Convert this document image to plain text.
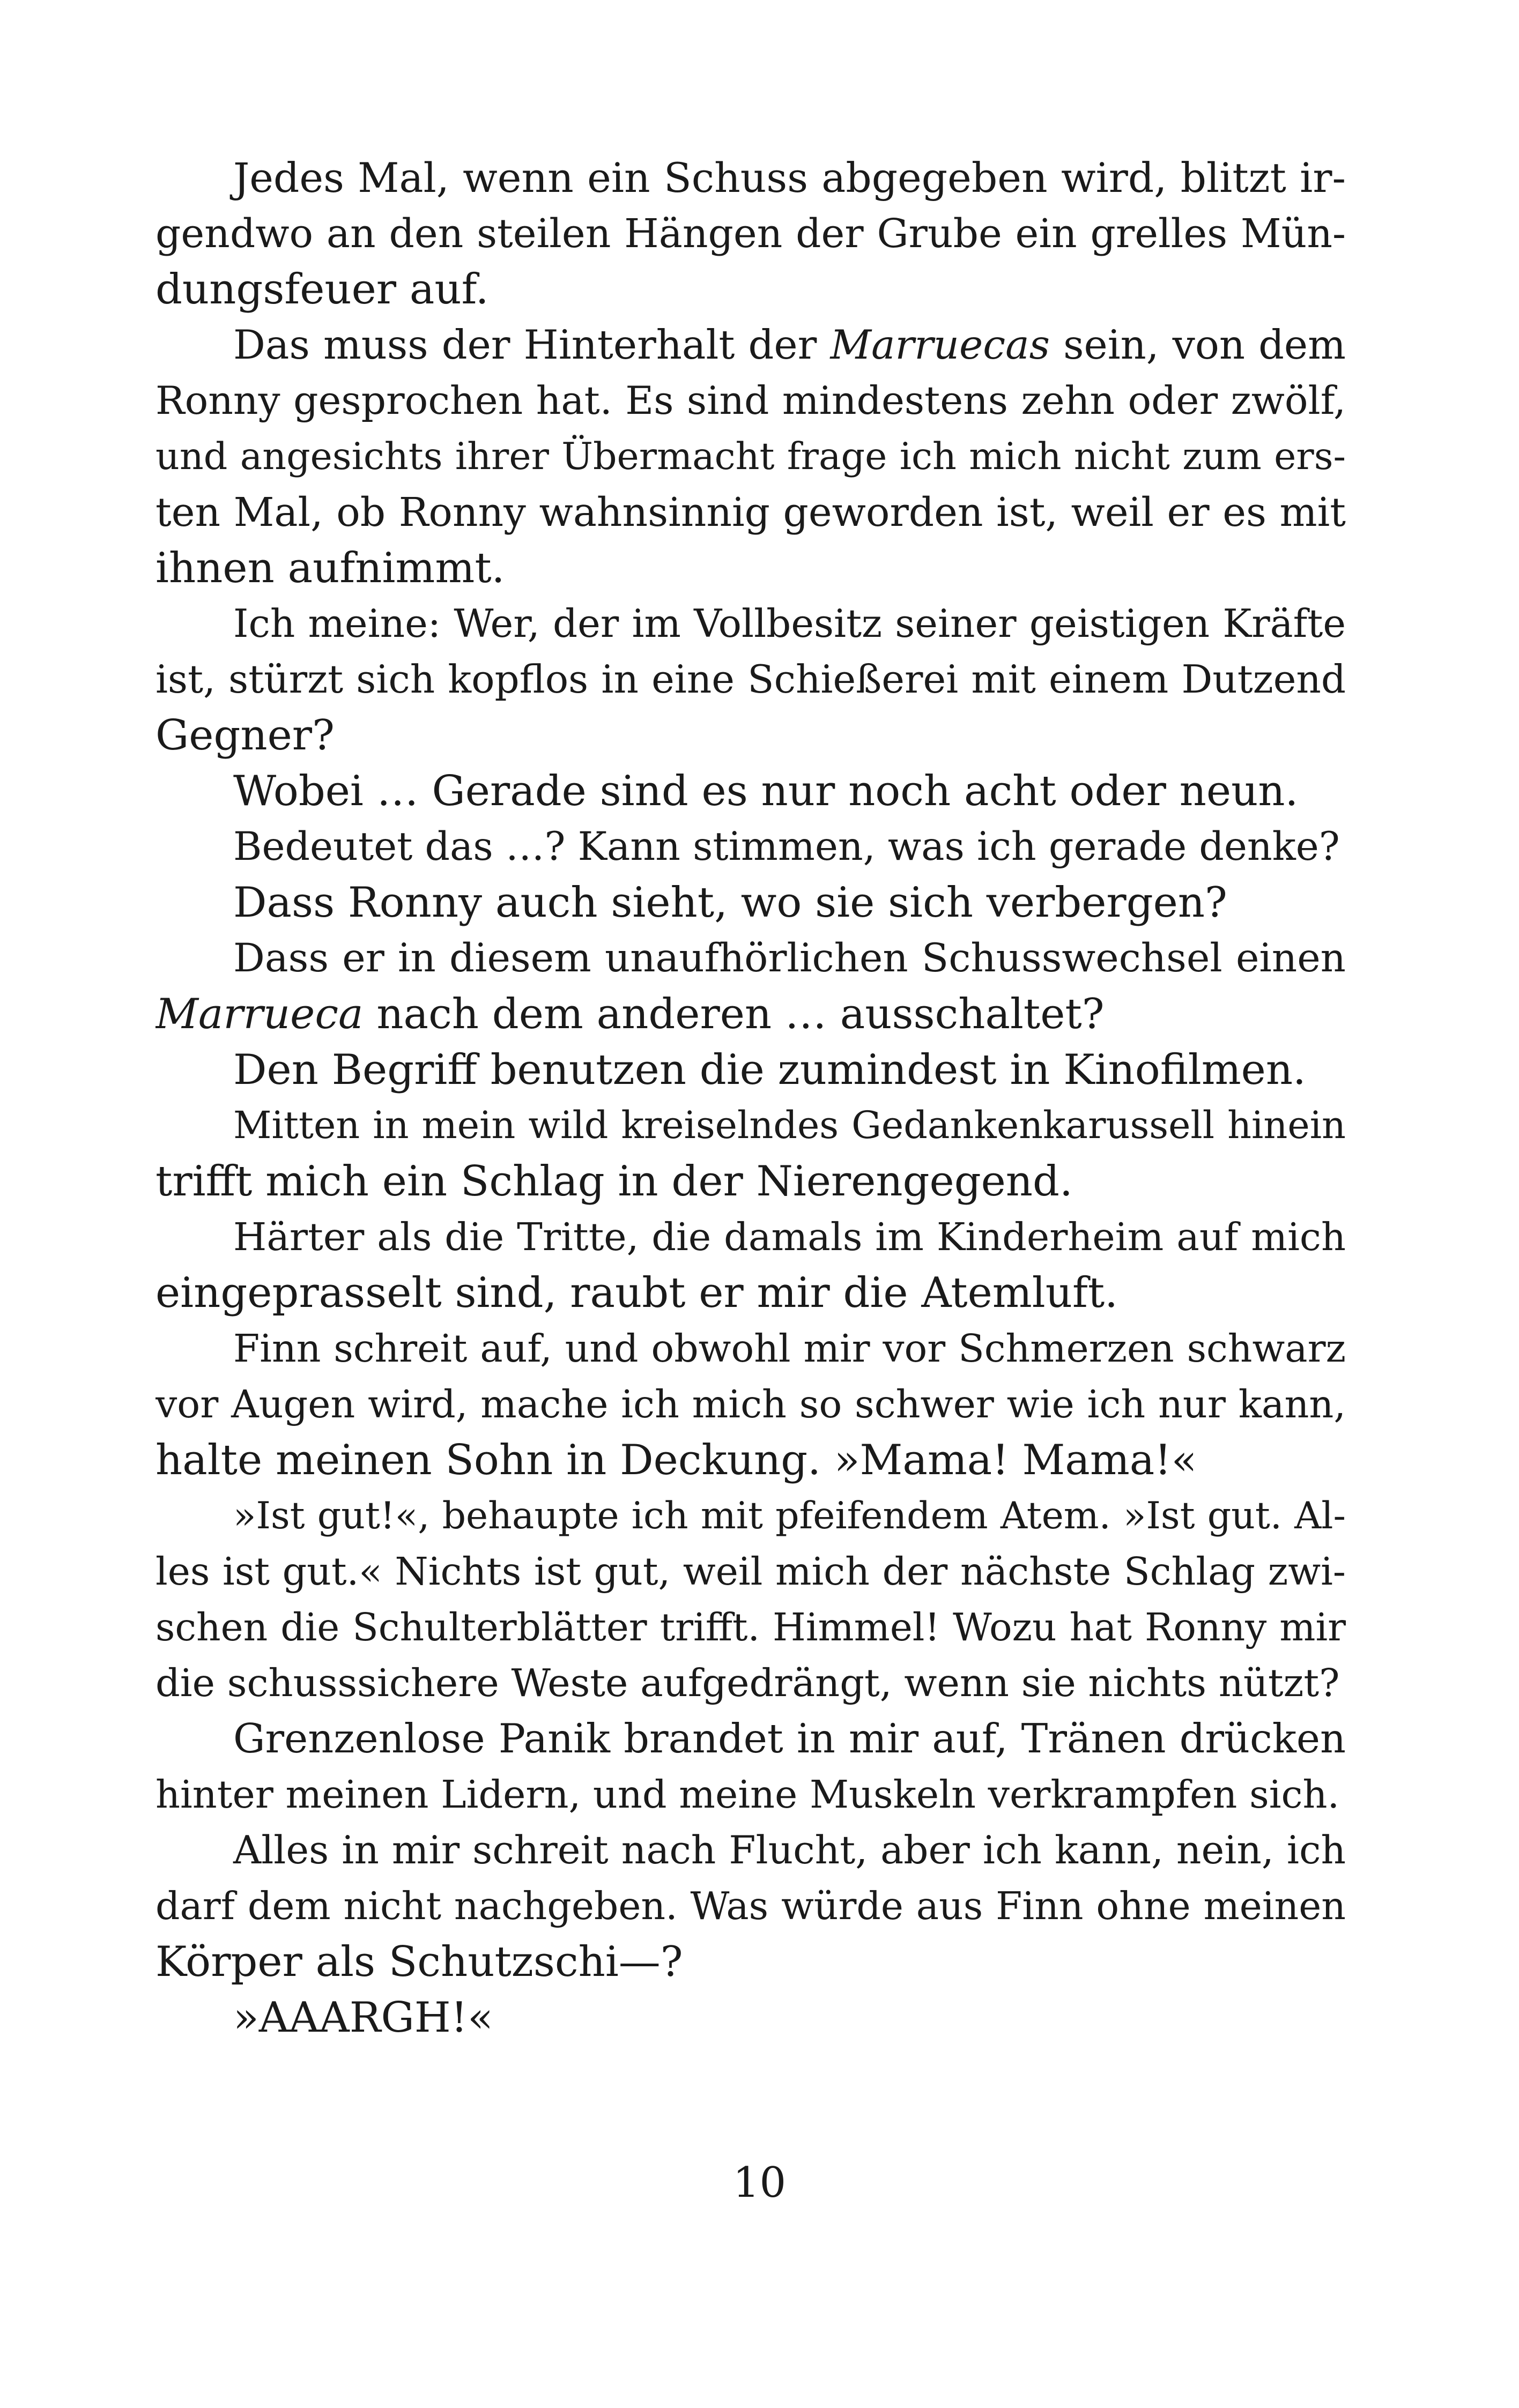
Jedes Mal, wenn ein Schuss abgegeben wird, blitzt ir-
gendwo an den steilen Hängen der Grube ein grelles Mün-
dungsfeuer auf.
Das muss der Hinterhalt der Marruecas sein, von dem
Ronny gesprochen hat. Es sind mindestens zehn oder zwölf,
und angesichts ihrer Übermacht frage ich mich nicht zum ers-
ten Mal, ob Ronny wahnsinnig geworden ist, weil er es mit
ihnen aufnimmt.
Ich meine: Wer, der im Vollbesitz seiner geistigen Kräfte
ist, stürzt sich kopflos in eine Schießerei mit einem Dutzend
Gegner?
Wobei … Gerade sind es nur noch acht oder neun.
Bedeutet das …? Kann stimmen, was ich gerade denke?
Dass Ronny auch sieht, wo sie sich verbergen?
Dass er in diesem unaufhörlichen Schusswechsel einen
Marrueca nach dem anderen … ausschaltet?
Den Begriff benutzen die zumindest in Kinofilmen.
Mitten in mein wild kreiselndes Gedankenkarussell hinein
trifft mich ein Schlag in der Nierengegend.
Härter als die Tritte, die damals im Kinderheim auf mich
eingeprasselt sind, raubt er mir die Atemluft.
Finn schreit auf, und obwohl mir vor Schmerzen schwarz
vor Augen wird, mache ich mich so schwer wie ich nur kann,
halte meinen Sohn in Deckung. »Mama! Mama!«
»Ist gut!«, behaupte ich mit pfeifendem Atem. »Ist gut. Al-
les ist gut.« Nichts ist gut, weil mich der nächste Schlag zwi-
schen die Schulterblätter trifft. Himmel! Wozu hat Ronny mir
die schusssichere Weste aufgedrängt, wenn sie nichts nützt?
Grenzenlose Panik brandet in mir auf, Tränen drücken
hinter meinen Lidern, und meine Muskeln verkrampfen sich.
Alles in mir schreit nach Flucht, aber ich kann, nein, ich
darf dem nicht nachgeben. Was würde aus Finn ohne meinen
Körper als Schutzschi—?
»AAARGH!«
10
